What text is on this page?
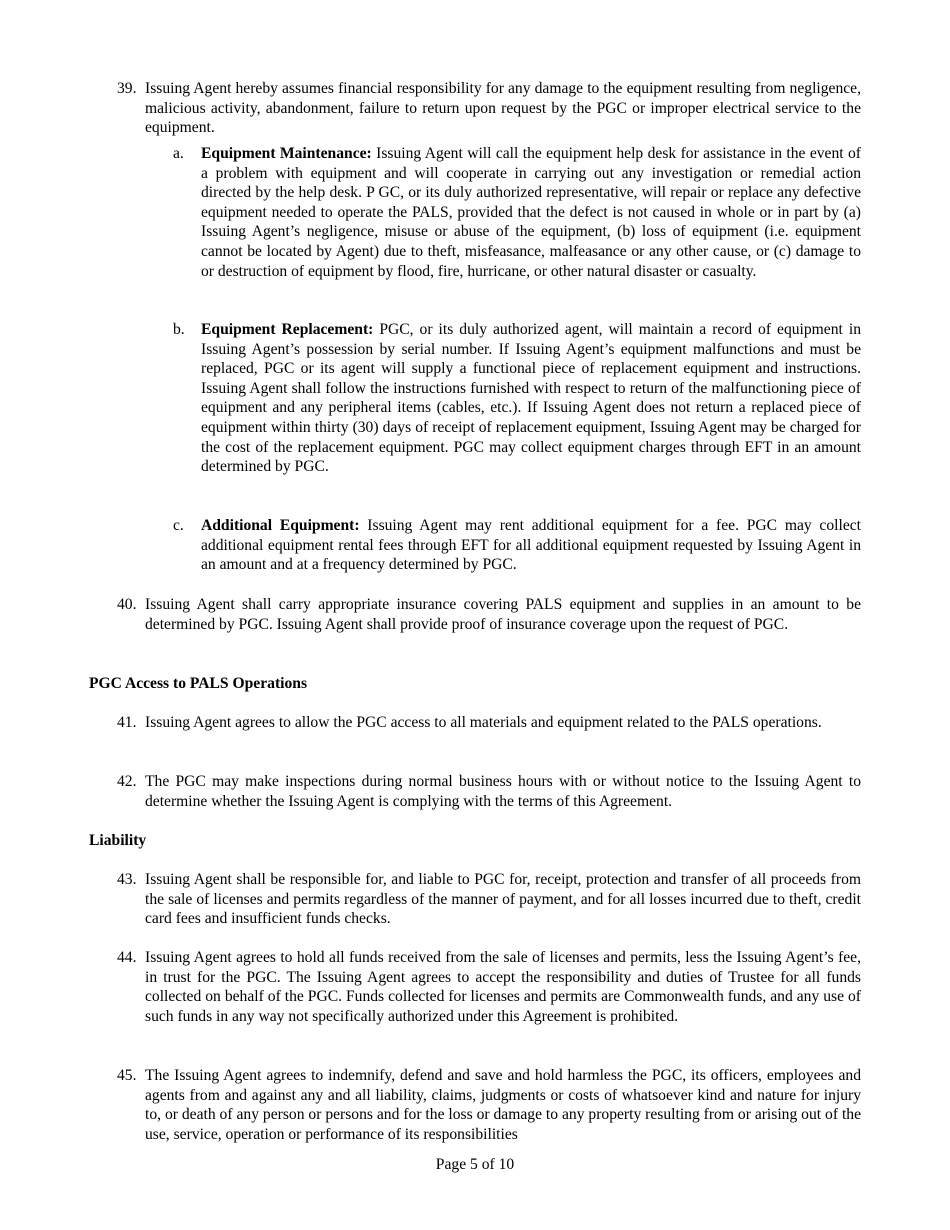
39. Issuing Agent hereby assumes financial responsibility for any damage to the equipment resulting from negligence, malicious activity, abandonment, failure to return upon request by the PGC or improper electrical service to the equipment.
a. Equipment Maintenance: Issuing Agent will call the equipment help desk for assistance in the event of a problem with equipment and will cooperate in carrying out any investigation or remedial action directed by the help desk. P GC, or its duly authorized representative, will repair or replace any defective equipment needed to operate the PALS, provided that the defect is not caused in whole or in part by (a) Issuing Agent’s negligence, misuse or abuse of the equipment, (b) loss of equipment (i.e. equipment cannot be located by Agent) due to theft, misfeasance, malfeasance or any other cause, or (c) damage to or destruction of equipment by flood, fire, hurricane, or other natural disaster or casualty.
b. Equipment Replacement: PGC, or its duly authorized agent, will maintain a record of equipment in Issuing Agent’s possession by serial number. If Issuing Agent’s equipment malfunctions and must be replaced, PGC or its agent will supply a functional piece of replacement equipment and instructions. Issuing Agent shall follow the instructions furnished with respect to return of the malfunctioning piece of equipment and any peripheral items (cables, etc.). If Issuing Agent does not return a replaced piece of equipment within thirty (30) days of receipt of replacement equipment, Issuing Agent may be charged for the cost of the replacement equipment. PGC may collect equipment charges through EFT in an amount determined by PGC.
c. Additional Equipment: Issuing Agent may rent additional equipment for a fee. PGC may collect additional equipment rental fees through EFT for all additional equipment requested by Issuing Agent in an amount and at a frequency determined by PGC.
40. Issuing Agent shall carry appropriate insurance covering PALS equipment and supplies in an amount to be determined by PGC. Issuing Agent shall provide proof of insurance coverage upon the request of PGC.
PGC Access to PALS Operations
41. Issuing Agent agrees to allow the PGC access to all materials and equipment related to the PALS operations.
42. The PGC may make inspections during normal business hours with or without notice to the Issuing Agent to determine whether the Issuing Agent is complying with the terms of this Agreement.
Liability
43. Issuing Agent shall be responsible for, and liable to PGC for, receipt, protection and transfer of all proceeds from the sale of licenses and permits regardless of the manner of payment, and for all losses incurred due to theft, credit card fees and insufficient funds checks.
44. Issuing Agent agrees to hold all funds received from the sale of licenses and permits, less the Issuing Agent’s fee, in trust for the PGC. The Issuing Agent agrees to accept the responsibility and duties of Trustee for all funds collected on behalf of the PGC. Funds collected for licenses and permits are Commonwealth funds, and any use of such funds in any way not specifically authorized under this Agreement is prohibited.
45. The Issuing Agent agrees to indemnify, defend and save and hold harmless the PGC, its officers, employees and agents from and against any and all liability, claims, judgments or costs of whatsoever kind and nature for injury to, or death of any person or persons and for the loss or damage to any property resulting from or arising out of the use, service, operation or performance of its responsibilities
Page 5 of 10
